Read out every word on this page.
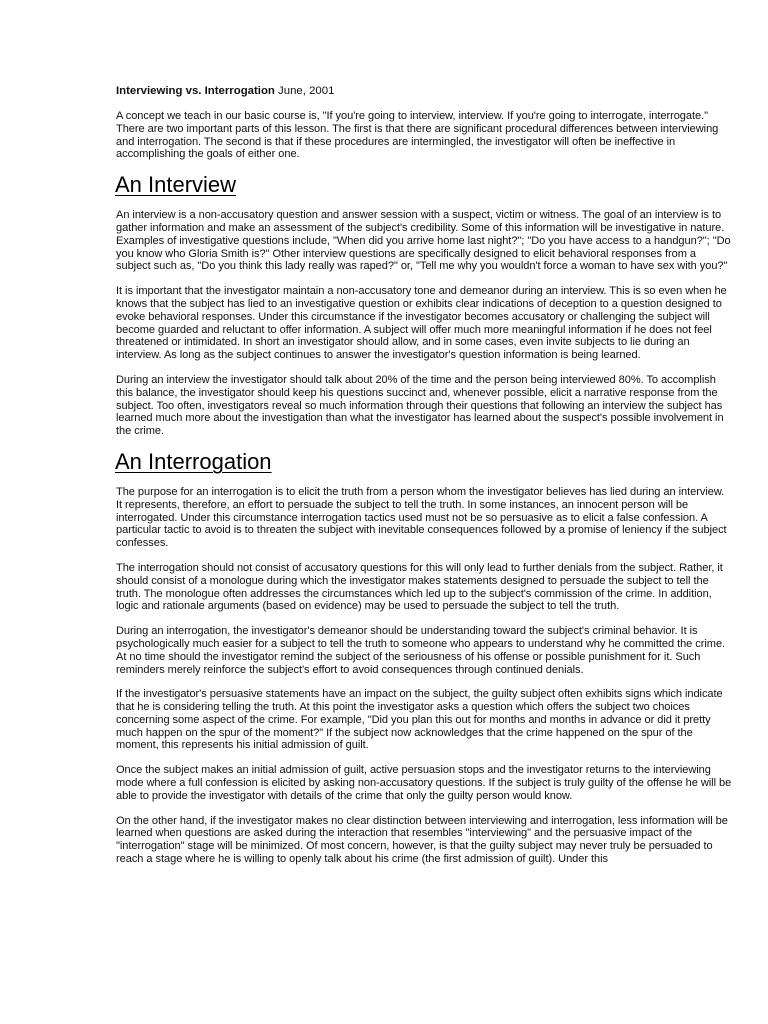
Interviewing vs. Interrogation June, 2001

A concept we teach in our basic course is, "If you're going to interview, interview. If you're going to interrogate, interrogate." There are two important parts of this lesson. The first is that there are significant procedural differences between interviewing and interrogation. The second is that if these procedures are intermingled, the investigator will often be ineffective in accomplishing the goals of either one.

An Interview

An interview is a non-accusatory question and answer session with a suspect, victim or witness. The goal of an interview is to gather information and make an assessment of the subject's credibility. Some of this information will be investigative in nature. Examples of investigative questions include, "When did you arrive home last night?"; "Do you have access to a handgun?"; "Do you know who Gloria Smith is?" Other interview questions are specifically designed to elicit behavioral responses from a subject such as, "Do you think this lady really was raped?" or, "Tell me why you wouldn't force a woman to have sex with you?"

It is important that the investigator maintain a non-accusatory tone and demeanor during an interview. This is so even when he knows that the subject has lied to an investigative question or exhibits clear indications of deception to a question designed to evoke behavioral responses. Under this circumstance if the investigator becomes accusatory or challenging the subject will become guarded and reluctant to offer information. A subject will offer much more meaningful information if he does not feel threatened or intimidated. In short an investigator should allow, and in some cases, even invite subjects to lie during an interview. As long as the subject continues to answer the investigator's question information is being learned.

During an interview the investigator should talk about 20% of the time and the person being interviewed 80%. To accomplish this balance, the investigator should keep his questions succinct and, whenever possible, elicit a narrative response from the subject. Too often, investigators reveal so much information through their questions that following an interview the subject has learned much more about the investigation than what the investigator has learned about the suspect's possible involvement in the crime.

An Interrogation

The purpose for an interrogation is to elicit the truth from a person whom the investigator believes has lied during an interview. It represents, therefore, an effort to persuade the subject to tell the truth. In some instances, an innocent person will be interrogated. Under this circumstance interrogation tactics used must not be so persuasive as to elicit a false confession. A particular tactic to avoid is to threaten the subject with inevitable consequences followed by a promise of leniency if the subject confesses.

The interrogation should not consist of accusatory questions for this will only lead to further denials from the subject. Rather, it should consist of a monologue during which the investigator makes statements designed to persuade the subject to tell the truth. The monologue often addresses the circumstances which led up to the subject's commission of the crime. In addition, logic and rationale arguments (based on evidence) may be used to persuade the subject to tell the truth.

During an interrogation, the investigator's demeanor should be understanding toward the subject's criminal behavior. It is psychologically much easier for a subject to tell the truth to someone who appears to understand why he committed the crime. At no time should the investigator remind the subject of the seriousness of his offense or possible punishment for it. Such reminders merely reinforce the subject's effort to avoid consequences through continued denials.

If the investigator's persuasive statements have an impact on the subject, the guilty subject often exhibits signs which indicate that he is considering telling the truth. At this point the investigator asks a question which offers the subject two choices concerning some aspect of the crime. For example, "Did you plan this out for months and months in advance or did it pretty much happen on the spur of the moment?" If the subject now acknowledges that the crime happened on the spur of the moment, this represents his initial admission of guilt.

Once the subject makes an initial admission of guilt, active persuasion stops and the investigator returns to the interviewing mode where a full confession is elicited by asking non-accusatory questions. If the subject is truly guilty of the offense he will be able to provide the investigator with details of the crime that only the guilty person would know.

On the other hand, if the investigator makes no clear distinction between interviewing and interrogation, less information will be learned when questions are asked during the interaction that resembles "interviewing" and the persuasive impact of the "interrogation" stage will be minimized. Of most concern, however, is that the guilty subject may never truly be persuaded to reach a stage where he is willing to openly talk about his crime (the first admission of guilt). Under this
